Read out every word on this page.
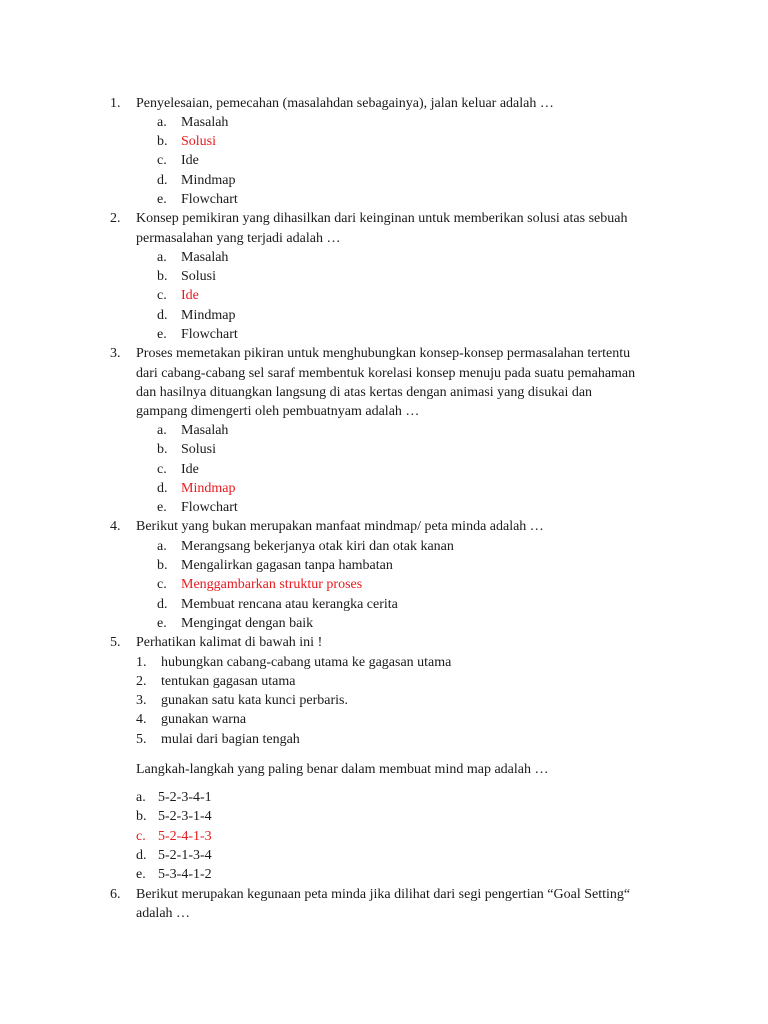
1.	Penyelesaian, pemecahan (masalahdan sebagainya), jalan keluar adalah …
a. Masalah
b. Solusi
c. Ide
d. Mindmap
e. Flowchart
2.	Konsep pemikiran yang dihasilkan dari keinginan untuk memberikan solusi atas sebuah
permasalahan yang terjadi adalah …
a. Masalah
b. Solusi
c. Ide
d. Mindmap
e. Flowchart
3.	Proses memetakan pikiran untuk menghubungkan konsep-konsep permasalahan tertentu
dari cabang-cabang sel saraf membentuk korelasi konsep menuju pada suatu pemahaman
dan hasilnya dituangkan langsung di atas kertas dengan animasi yang disukai dan
gampang dimengerti oleh pembuatnyam adalah …
a. Masalah
b. Solusi
c. Ide
d. Mindmap
e. Flowchart
4.	Berikut yang bukan merupakan manfaat mindmap/ peta minda adalah …
a. Merangsang bekerjanya otak kiri dan otak kanan
b. Mengalirkan gagasan tanpa hambatan
c. Menggambarkan struktur proses
d. Membuat rencana atau kerangka cerita
e. Mengingat dengan baik
5.	Perhatikan kalimat di bawah ini !
1. hubungkan cabang-cabang utama ke gagasan utama
2. tentukan gagasan utama
3. gunakan satu kata kunci perbaris.
4. gunakan warna
5. mulai dari bagian tengah
Langkah-langkah yang paling benar dalam membuat mind map adalah …
a. 5-2-3-4-1
b. 5-2-3-1-4
c. 5-2-4-1-3
d. 5-2-1-3-4
e. 5-3-4-1-2
6.	Berikut merupakan kegunaan peta minda jika dilihat dari segi pengertian “Goal Setting“
adalah …
